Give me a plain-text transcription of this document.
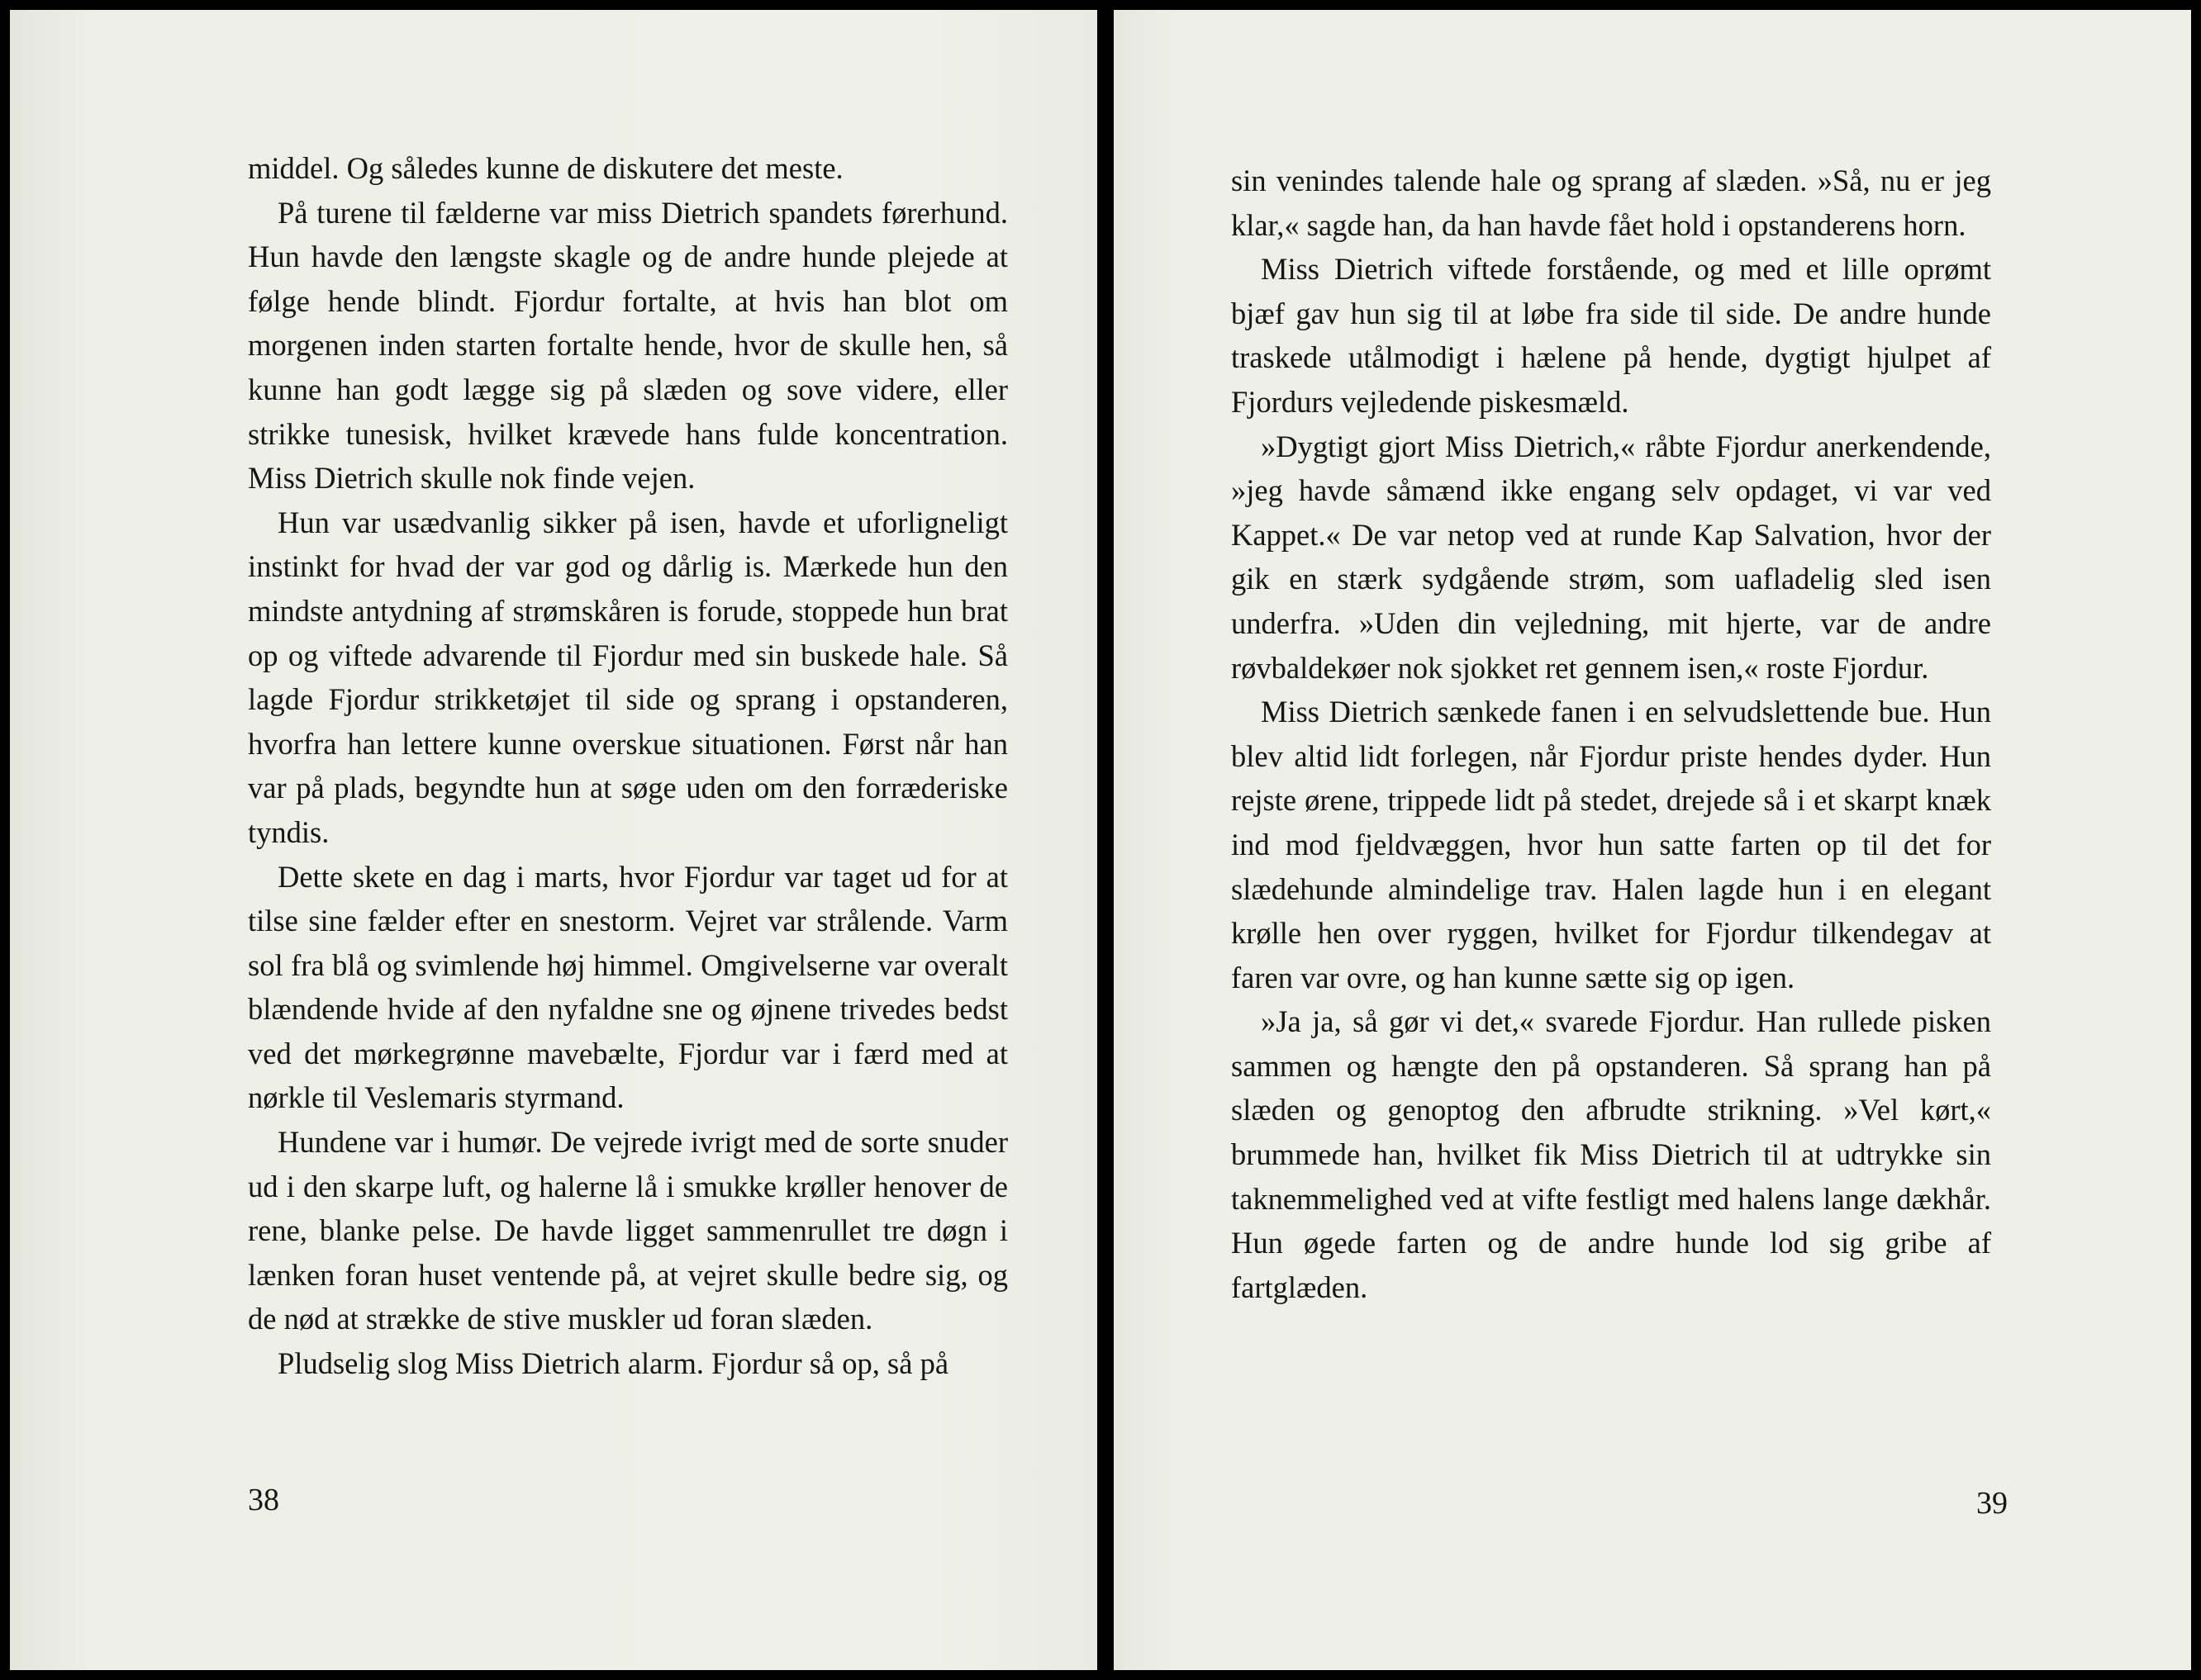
middel. Og således kunne de diskutere det meste.

På turene til fælderne var miss Dietrich spandets førerhund. Hun havde den længste skagle og de andre hunde plejede at følge hende blindt. Fjordur fortalte, at hvis han blot om morgenen inden starten fortalte hende, hvor de skulle hen, så kunne han godt lægge sig på slæden og sove videre, eller strikke tunesisk, hvilket krævede hans fulde koncentration. Miss Dietrich skulle nok finde vejen.

Hun var usædvanlig sikker på isen, havde et uforligneligt instinkt for hvad der var god og dårlig is. Mærkede hun den mindste antydning af strømskåren is forude, stoppede hun brat op og viftede advarende til Fjordur med sin buskede hale. Så lagde Fjordur strikketøjet til side og sprang i opstanderen, hvorfra han lettere kunne overskue situationen. Først når han var på plads, begyndte hun at søge uden om den forræderiske tyndis.

Dette skete en dag i marts, hvor Fjordur var taget ud for at tilse sine fælder efter en snestorm. Vejret var strålende. Varm sol fra blå og svimlende høj himmel. Omgivelserne var overalt blændende hvide af den nyfaldne sne og øjnene trivedes bedst ved det mørkegrønne mavebælte, Fjordur var i færd med at nørkle til Veslemaris styrmand.

Hundene var i humør. De vejrede ivrigt med de sorte snuder ud i den skarpe luft, og halerne lå i smukke krøller henover de rene, blanke pelse. De havde ligget sammenrullet tre døgn i lænken foran huset ventende på, at vejret skulle bedre sig, og de nød at strække de stive muskler ud foran slæden.

Pludselig slog Miss Dietrich alarm. Fjordur så op, så på

38

sin venindes talende hale og sprang af slæden. »Så, nu er jeg klar,« sagde han, da han havde fået hold i opstanderens horn.

Miss Dietrich viftede forstående, og med et lille oprømt bjæf gav hun sig til at løbe fra side til side. De andre hunde traskede utålmodigt i hælene på hende, dygtigt hjulpet af Fjordurs vejledende piskesmæld.

»Dygtigt gjort Miss Dietrich,« råbte Fjordur anerkendende, »jeg havde såmænd ikke engang selv opdaget, vi var ved Kappet.« De var netop ved at runde Kap Salvation, hvor der gik en stærk sydgående strøm, som uafladelig sled isen underfra. »Uden din vejledning, mit hjerte, var de andre røvbaldekøer nok sjokket ret gennem isen,« roste Fjordur.

Miss Dietrich sænkede fanen i en selvudslettende bue. Hun blev altid lidt forlegen, når Fjordur priste hendes dyder. Hun rejste ørene, trippede lidt på stedet, drejede så i et skarpt knæk ind mod fjeldvæggen, hvor hun satte farten op til det for slædehunde almindelige trav. Halen lagde hun i en elegant krølle hen over ryggen, hvilket for Fjordur tilkendegav at faren var ovre, og han kunne sætte sig op igen.

»Ja ja, så gør vi det,« svarede Fjordur. Han rullede pisken sammen og hængte den på opstanderen. Så sprang han på slæden og genoptog den afbrudte strikning. »Vel kørt,« brummede han, hvilket fik Miss Dietrich til at udtrykke sin taknemmelighed ved at vifte festligt med halens lange dækhår. Hun øgede farten og de andre hunde lod sig gribe af fartglæden.

39
